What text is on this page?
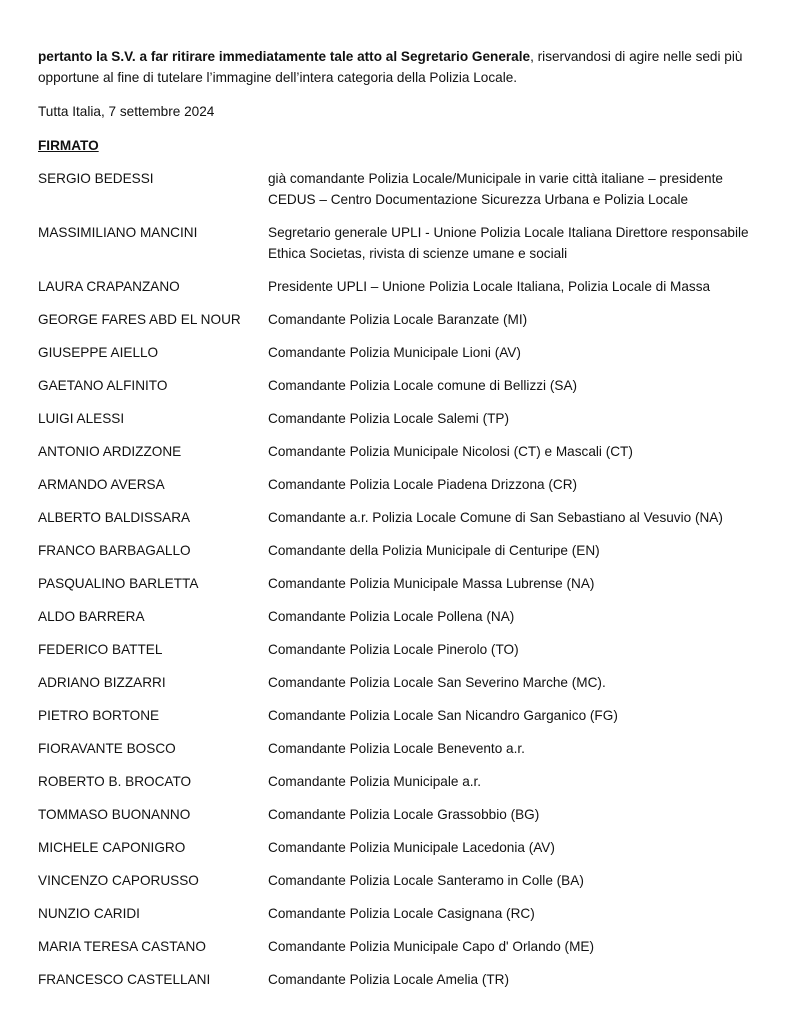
pertanto la S.V. a far ritirare immediatamente tale atto al Segretario Generale, riservandosi di agire nelle sedi più opportune al fine di tutelare l’immagine dell’intera categoria della Polizia Locale.

Tutta Italia, 7 settembre 2024
FIRMATO
SERGIO BEDESSI	già comandante Polizia Locale/Municipale in varie città italiane – presidente CEDUS – Centro Documentazione Sicurezza Urbana e Polizia Locale
MASSIMILIANO MANCINI	Segretario generale UPLI - Unione Polizia Locale Italiana Direttore responsabile Ethica Societas, rivista di scienze umane e sociali
LAURA CRAPANZANO	Presidente UPLI – Unione Polizia Locale Italiana, Polizia Locale di Massa
GEORGE FARES ABD EL NOUR	Comandante Polizia Locale Baranzate (MI)
GIUSEPPE AIELLO	Comandante Polizia Municipale Lioni (AV)
GAETANO ALFINITO	Comandante Polizia Locale comune di Bellizzi (SA)
LUIGI ALESSI	Comandante Polizia Locale Salemi (TP)
ANTONIO ARDIZZONE	Comandante Polizia Municipale Nicolosi (CT) e Mascali (CT)
ARMANDO AVERSA	Comandante Polizia Locale Piadena Drizzona (CR)
ALBERTO BALDISSARA	Comandante a.r. Polizia Locale Comune di San Sebastiano al Vesuvio (NA)
FRANCO BARBAGALLO	Comandante della Polizia Municipale di Centuripe (EN)
PASQUALINO BARLETTA	Comandante Polizia Municipale Massa Lubrense (NA)
ALDO BARRERA	Comandante Polizia Locale Pollena (NA)
FEDERICO BATTEL	Comandante Polizia Locale Pinerolo (TO)
ADRIANO BIZZARRI	Comandante Polizia Locale San Severino Marche (MC).
PIETRO BORTONE	Comandante Polizia Locale San Nicandro Garganico (FG)
FIORAVANTE BOSCO	Comandante Polizia Locale Benevento a.r.
ROBERTO B. BROCATO	Comandante Polizia Municipale a.r.
TOMMASO BUONANNO	Comandante Polizia Locale Grassobbio (BG)
MICHELE CAPONIGRO	Comandante Polizia Municipale Lacedonia (AV)
VINCENZO CAPORUSSO	Comandante Polizia Locale Santeramo in Colle (BA)
NUNZIO CARIDI	Comandante Polizia Locale Casignana (RC)
MARIA TERESA CASTANO	Comandante Polizia Municipale Capo d' Orlando (ME)
FRANCESCO CASTELLANI	Comandante Polizia Locale Amelia (TR)
